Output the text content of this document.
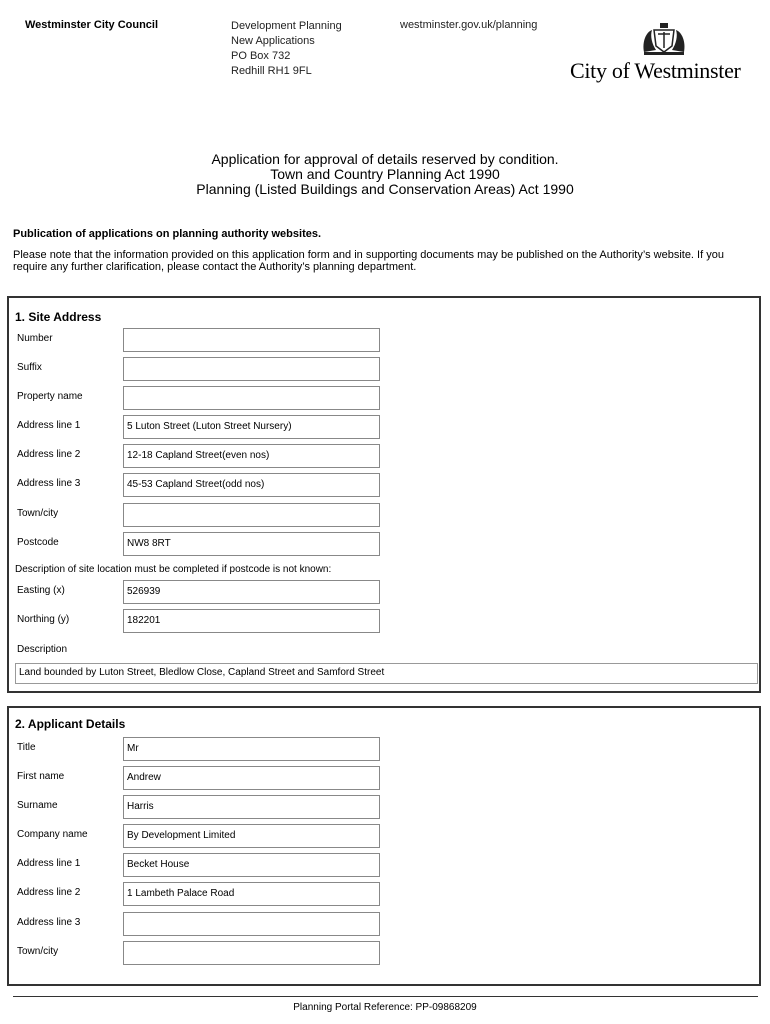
Westminster City Council	Development Planning
New Applications
PO Box 732
Redhill RH1 9FL
westminster.gov.uk/planning
City of Westminster
Application for approval of details reserved by condition.
Town and Country Planning Act 1990
Planning (Listed Buildings and Conservation Areas) Act 1990
Publication of applications on planning authority websites.
Please note that the information provided on this application form and in supporting documents may be published on the Authority’s website. If you require any further clarification, please contact the Authority’s planning department.
1. Site Address
Number
Suffix
Property name
Address line 1	5 Luton Street (Luton Street Nursery)
Address line 2	12-18 Capland Street(even nos)
Address line 3	45-53 Capland Street(odd nos)
Town/city
Postcode	NW8 8RT
Description of site location must be completed if postcode is not known:
Easting (x)	526939
Northing (y)	182201
Description
Land bounded by Luton Street, Bledlow Close, Capland Street and Samford Street
2. Applicant Details
Title	Mr
First name	Andrew
Surname	Harris
Company name	By Development Limited
Address line 1	Becket House
Address line 2	1 Lambeth Palace Road
Address line 3
Town/city
Planning Portal Reference: PP-09868209
